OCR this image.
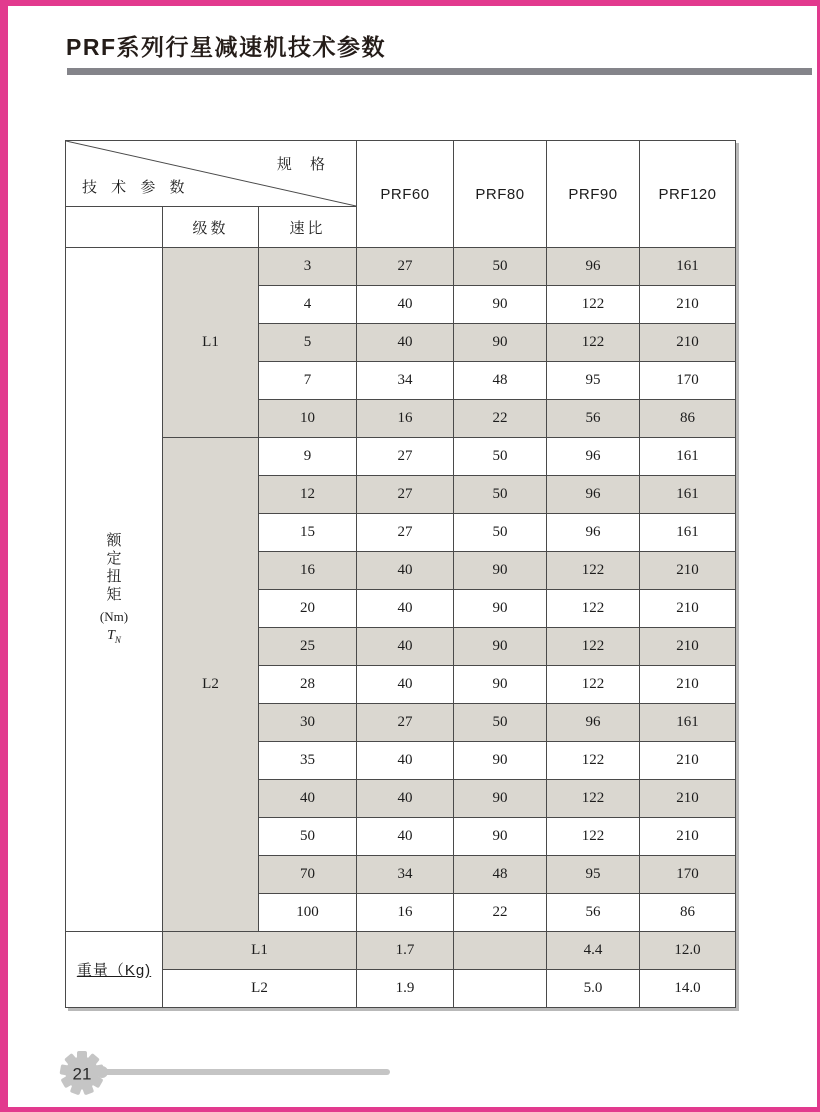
PRF系列行星减速机技术参数
规 格
技 术 参 数			PRF60	PRF80	PRF90	PRF120
	级数	速比				

额
定
扭
矩
(Nm)
$T_N$
	L1	3	27	50	96	161
		4	40	90	122	210
		5	40	90	122	210
		7	34	48	95	170
		10	16	22	56	86
	L2	9	27	50	96	161
		12	27	50	96	161
		15	27	50	96	161
		16	40	90	122	210
		20	40	90	122	210
		25	40	90	122	210
		28	40	90	122	210
		30	27	50	96	161
		35	40	90	122	210
		40	40	90	122	210
		50	40	90	122	210
		70	34	48	95	170
		100	16	22	56	86
重量（Kg)	L1		1.7		4.4	12.0
	L2		1.9		5.0	14.0
21
